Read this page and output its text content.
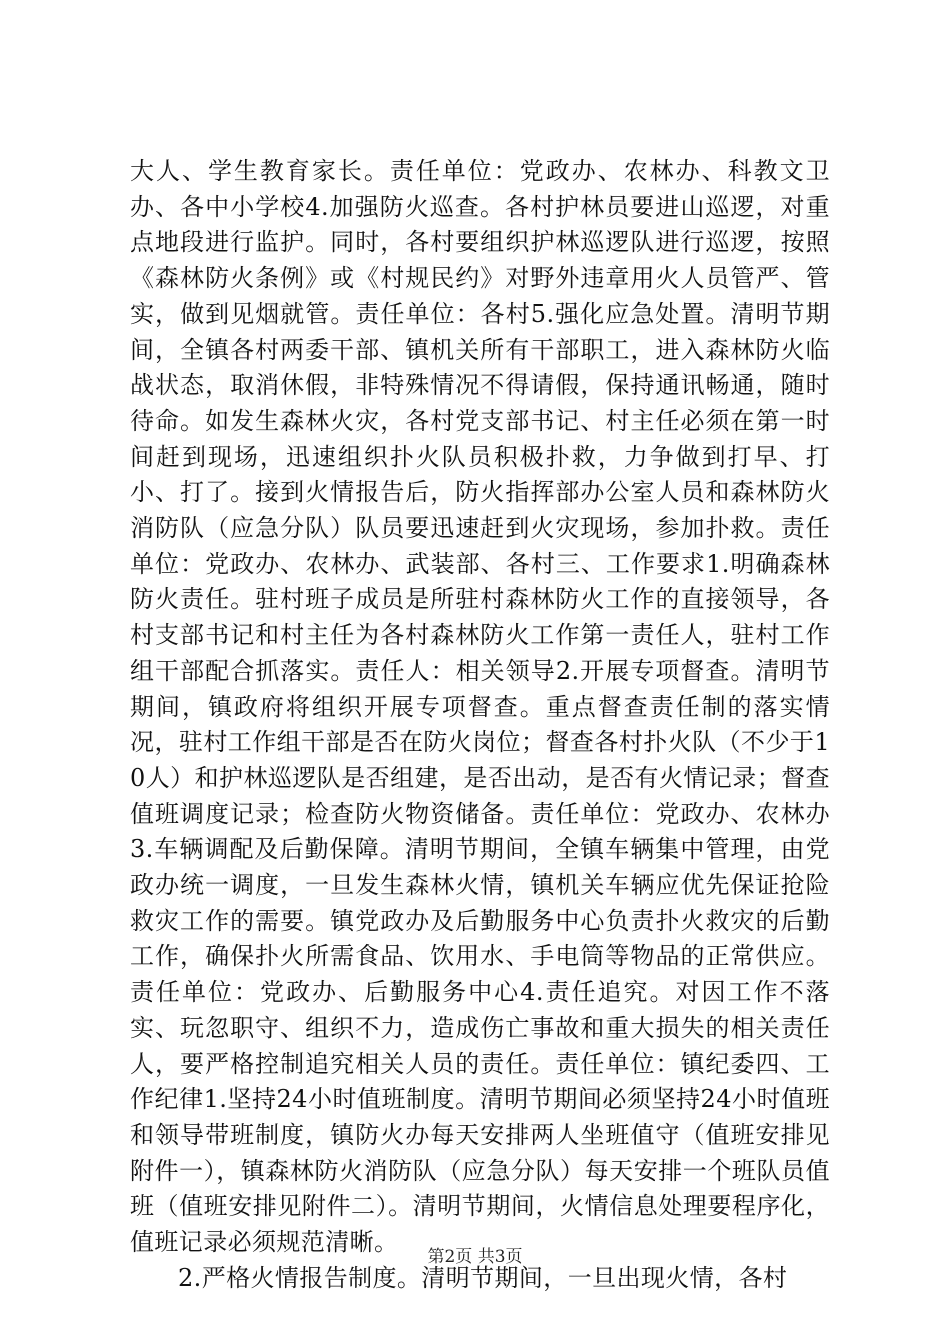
大人、学生教育家长。责任单位：党政办、农林办、科教文卫办、各中小学校4.加强防火巡查。各村护林员要进山巡逻，对重点地段进行监护。同时，各村要组织护林巡逻队进行巡逻，按照《森林防火条例》或《村规民约》对野外违章用火人员管严、管实，做到见烟就管。责任单位：各村5.强化应急处置。清明节期间，全镇各村两委干部、镇机关所有干部职工，进入森林防火临战状态，取消休假，非特殊情况不得请假，保持通讯畅通，随时待命。如发生森林火灾，各村党支部书记、村主任必须在第一时间赶到现场，迅速组织扑火队员积极扑救，力争做到打早、打小、打了。接到火情报告后，防火指挥部办公室人员和森林防火消防队（应急分队）队员要迅速赶到火灾现场，参加扑救。责任单位：党政办、农林办、武装部、各村三、工作要求1.明确森林防火责任。驻村班子成员是所驻村森林防火工作的直接领导，各村支部书记和村主任为各村森林防火工作第一责任人，驻村工作组干部配合抓落实。责任人：相关领导2.开展专项督查。清明节期间，镇政府将组织开展专项督查。重点督查责任制的落实情况，驻村工作组干部是否在防火岗位；督查各村扑火队（不少于10人）和护林巡逻队是否组建，是否出动，是否有火情记录；督查值班调度记录；检查防火物资储备。责任单位：党政办、农林办3.车辆调配及后勤保障。清明节期间，全镇车辆集中管理，由党政办统一调度，一旦发生森林火情，镇机关车辆应优先保证抢险救灾工作的需要。镇党政办及后勤服务中心负责扑火救灾的后勤工作，确保扑火所需食品、饮用水、手电筒等物品的正常供应。责任单位：党政办、后勤服务中心4.责任追究。对因工作不落实、玩忽职守、组织不力，造成伤亡事故和重大损失的相关责任人，要严格控制追究相关人员的责任。责任单位：镇纪委四、工作纪律1.坚持24小时值班制度。清明节期间必须坚持24小时值班和领导带班制度，镇防火办每天安排两人坐班值守（值班安排见附件一），镇森林防火消防队（应急分队）每天安排一个班队员值班（值班安排见附件二）。清明节期间，火情信息处理要程序化，值班记录必须规范清晰。

2.严格火情报告制度。清明节期间，一旦出现火情，各村

第2页 共3页
